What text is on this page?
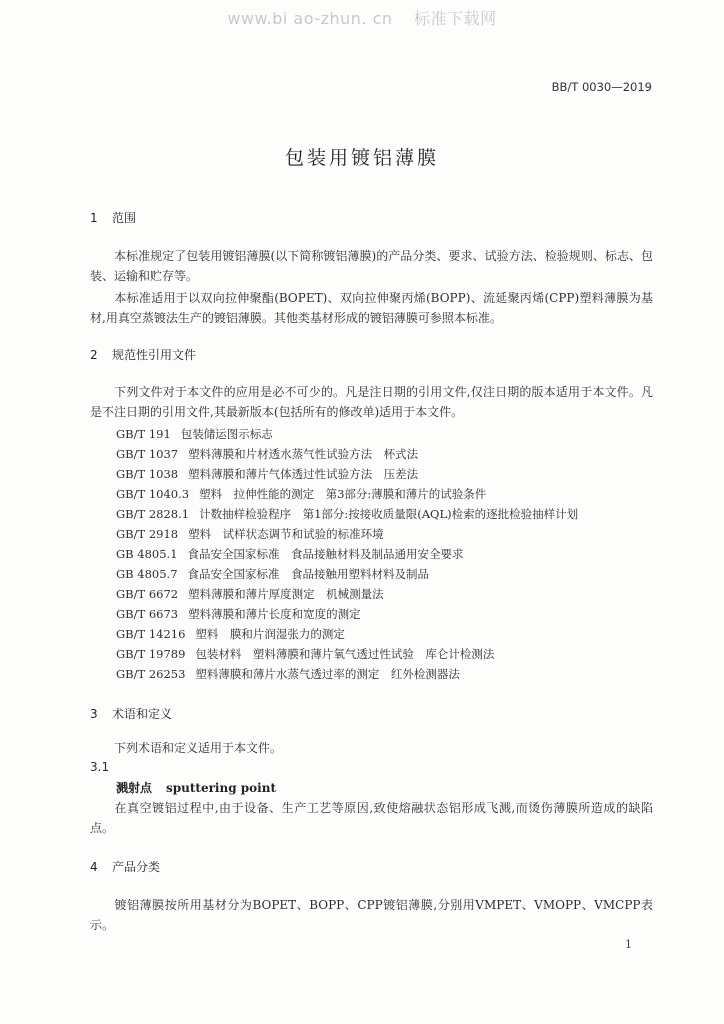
www.bi ao-zhun. cn 标准下载网
BB/T 0030—2019
包装用镀铝薄膜
1 范围
本标准规定了包装用镀铝薄膜(以下简称镀铝薄膜)的产品分类、要求、试验方法、检验规则、标志、包装、运输和贮存等。
本标准适用于以双向拉伸聚酯(BOPET)、双向拉伸聚丙烯(BOPP)、流延聚丙烯(CPP)塑料薄膜为基材,用真空蒸镀法生产的镀铝薄膜。其他类基材形成的镀铝薄膜可参照本标准。
2 规范性引用文件
下列文件对于本文件的应用是必不可少的。凡是注日期的引用文件,仅注日期的版本适用于本文件。凡是不注日期的引用文件,其最新版本(包括所有的修改单)适用于本文件。
GB/T 191 包装储运图示标志
GB/T 1037 塑料薄膜和片材透水蒸气性试验方法　杯式法
GB/T 1038 塑料薄膜和薄片气体透过性试验方法　压差法
GB/T 1040.3 塑料　拉伸性能的测定　第3部分:薄膜和薄片的试验条件
GB/T 2828.1 计数抽样检验程序　第1部分:按接收质量限(AQL)检索的逐批检验抽样计划
GB/T 2918 塑料　试样状态调节和试验的标准环境
GB 4805.1 食品安全国家标准　食品接触材料及制品通用安全要求
GB 4805.7 食品安全国家标准　食品接触用塑料材料及制品
GB/T 6672 塑料薄膜和薄片厚度测定　机械测量法
GB/T 6673 塑料薄膜和薄片长度和宽度的测定
GB/T 14216 塑料　膜和片润湿张力的测定
GB/T 19789 包装材料　塑料薄膜和薄片氧气透过性试验　库仑计检测法
GB/T 26253 塑料薄膜和薄片水蒸气透过率的测定　红外检测器法
3 术语和定义
下列术语和定义适用于本文件。
3.1
溅射点 sputtering point
在真空镀铝过程中,由于设备、生产工艺等原因,致使熔融状态铝形成飞溅,而烫伤薄膜所造成的缺陷点。
4 产品分类
镀铝薄膜按所用基材分为BOPET、BOPP、CPP镀铝薄膜,分别用VMPET、VMOPP、VMCPP表示。
1
